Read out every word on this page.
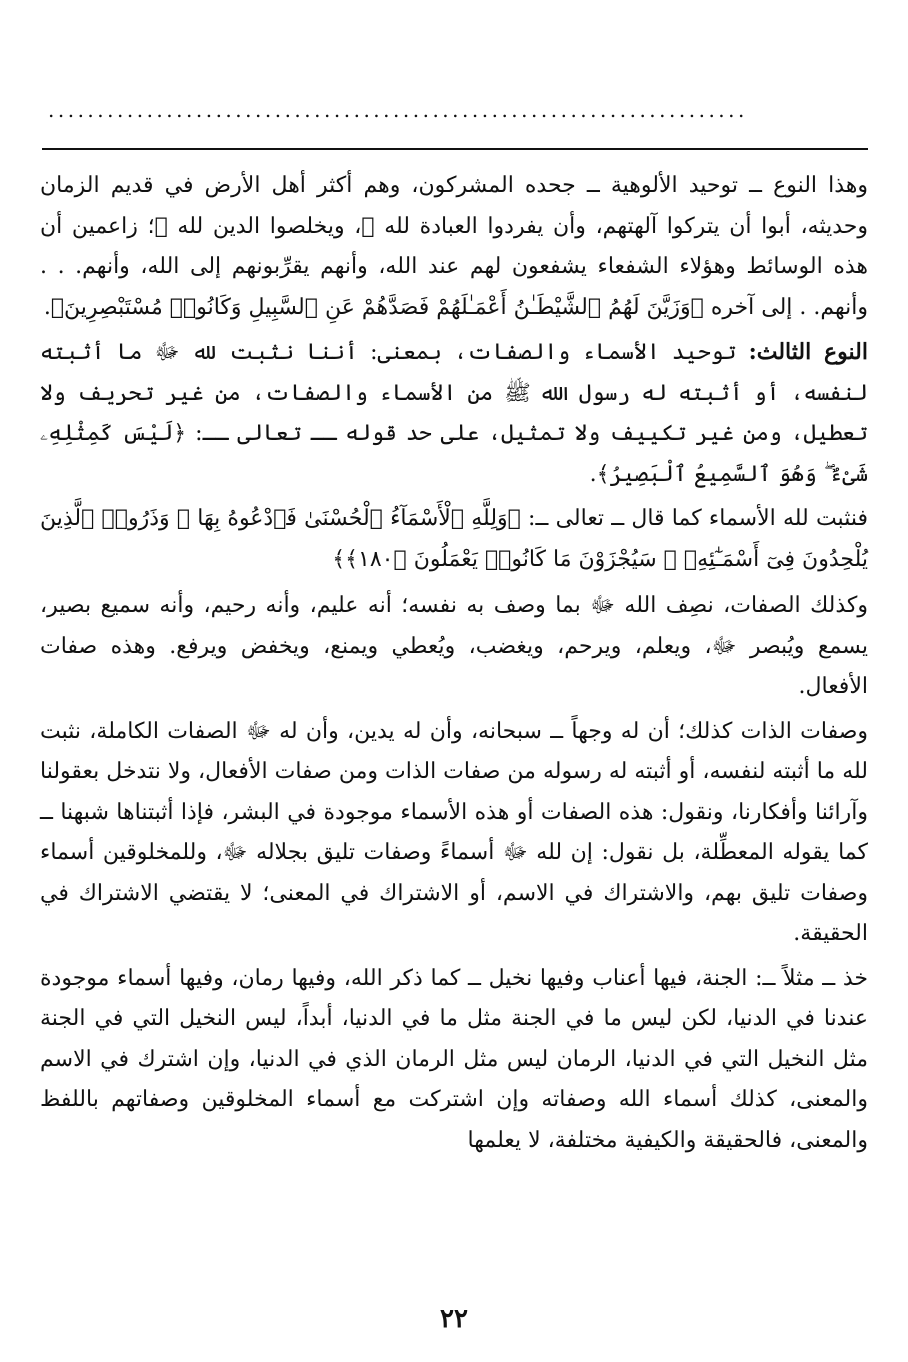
.......................................................................

وهذا النوع ــ توحيد الألوهية ــ جحده المشركون، وهم أكثر أهل الأرض في قديم الزمان وحديثه، أبوا أن يتركوا آلهتهم، وأن يفردوا العبادة لله ﷻ، ويخلصوا الدين لله ﷻ؛ زاعمين أن هذه الوسائط وهؤلاء الشفعاء يشفعون لهم عند الله، وأنهم يقرِّبونهم إلى الله، وأنهم. . . وأنهم. . إلى آخره ﴿وَزَيَّنَ لَهُمُ ٱلشَّيْطَـٰنُ أَعْمَـٰلَهُمْ فَصَدَّهُمْ عَنِ ٱلسَّبِيلِ وَكَانُوا۟ مُسْتَبْصِرِينَ﴾.

النوع الثالث: توحيد الأسماء والصفات، بمعنى: أننا نثبت لله ﷻ ما أثبته لنفسه، أو أثبته له رسول الله ﷺ من الأسماء والصفات، من غير تحريف ولا تعطيل، ومن غير تكييف ولا تمثيل، على حد قوله ــ تعالى ــ: ﴿لَيْسَ كَمِثْلِهِۦ شَىْءٌ ۖ وَهُوَ ٱلسَّمِيعُ ٱلْبَصِيرُ﴾.

فنثبت لله الأسماء كما قال ــ تعالى ــ: ﴿وَلِلَّهِ ٱلْأَسْمَآءُ ٱلْحُسْنَىٰ فَٱدْعُوهُ بِهَا ۖ وَذَرُوا۟ ٱلَّذِينَ يُلْحِدُونَ فِىٓ أَسْمَـٰٓئِهِۦ ۚ سَيُجْزَوْنَ مَا كَانُوا۟ يَعْمَلُونَ ﴿١٨٠﴾﴾

وكذلك الصفات، نصِف الله ﷻ بما وصف به نفسه؛ أنه عليم، وأنه رحيم، وأنه سميع بصير، يسمع ويُبصر ﷻ، ويعلم، ويرحم، ويغضب، ويُعطي ويمنع، ويخفض ويرفع. وهذه صفات الأفعال.

وصفات الذات كذلك؛ أن له وجهاً ــ سبحانه، وأن له يدين، وأن له ﷻ الصفات الكاملة، نثبت لله ما أثبته لنفسه، أو أثبته له رسوله من صفات الذات ومن صفات الأفعال، ولا نتدخل بعقولنا وآرائنا وأفكارنا، ونقول: هذه الصفات أو هذه الأسماء موجودة في البشر، فإذا أثبتناها شبهنا ــ كما يقوله المعطِّلة، بل نقول: إن لله ﷻ أسماءً وصفات تليق بجلاله ﷻ، وللمخلوقين أسماء وصفات تليق بهم، والاشتراك في الاسم، أو الاشتراك في المعنى؛ لا يقتضي الاشتراك في الحقيقة.

خذ ــ مثلاً ــ: الجنة، فيها أعناب وفيها نخيل ــ كما ذكر الله، وفيها رمان، وفيها أسماء موجودة عندنا في الدنيا، لكن ليس ما في الجنة مثل ما في الدنيا، أبداً، ليس النخيل التي في الجنة مثل النخيل التي في الدنيا، الرمان ليس مثل الرمان الذي في الدنيا، وإن اشترك في الاسم والمعنى، كذلك أسماء الله وصفاته وإن اشتركت مع أسماء المخلوقين وصفاتهم باللفظ والمعنى، فالحقيقة والكيفية مختلفة، لا يعلمها

٢٢
